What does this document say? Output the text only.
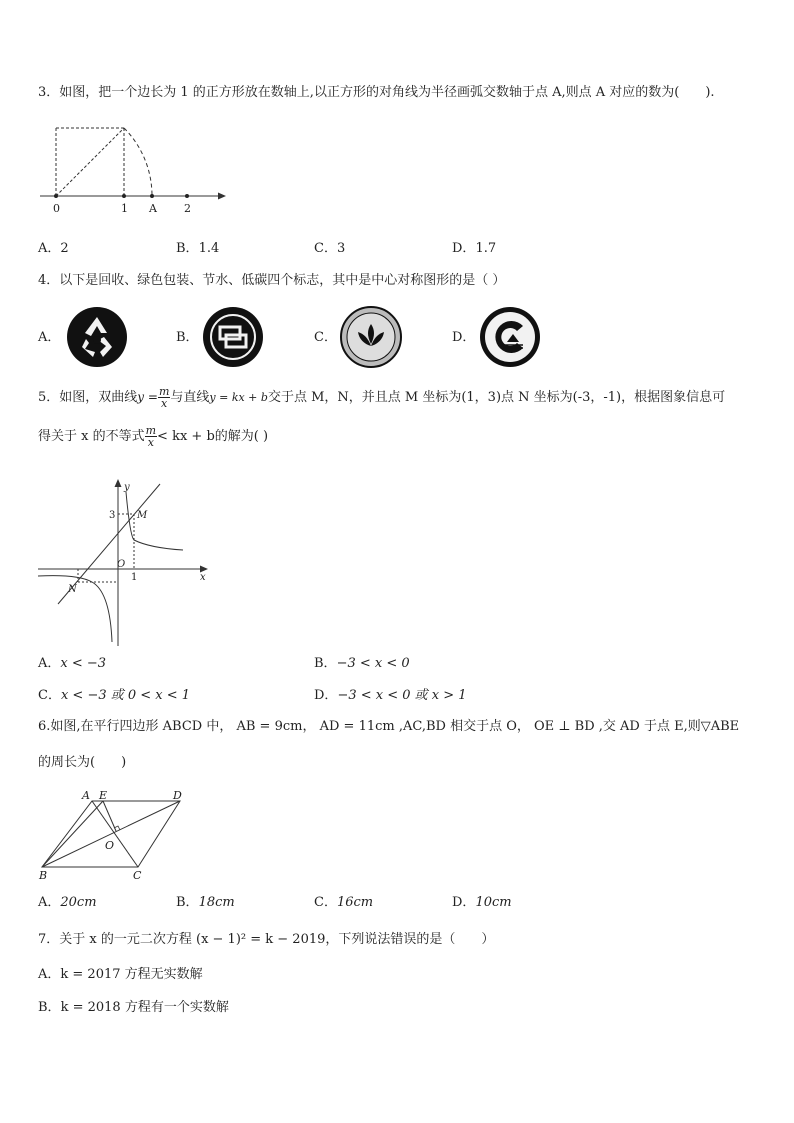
3．如图，把一个边长为 1 的正方形放在数轴上,以正方形的对角线为半径画弧交数轴于点 A,则点 A 对应的数为(　　).
0	1 A 2
A．2	B．1.4	C．3	D．1.7
4．以下是回收、绿色包装、节水、低碳四个标志，其中是中心对称图形的是（ ）
A．	B．	C．	D．
5．如图，双曲线$y = \frac{m}{x}$ 与直线y = kx + b交于点 M，N，并且点 M 坐标为(1，3)点 N 坐标为(-3，-1)，根据图象信息可
得关于 x 的不等式 $\frac{m}{x}$ < kx + b的解为( )
y
x
3 M
O
1
N
A．x < −3	B．−3 < x < 0
C．x < −3 或 0 < x < 1	D．−3 < x < 0 或 x > 1
6.如图,在平行四边形 ABCD 中， AB = 9cm， AD = 11cm ,AC,BD 相交于点 O， OE ⊥ BD ,交 AD 于点 E,则▽ABE
的周长为(　　)
A E	D
O
B	C
A．20cm	B．18cm	C．16cm	D．10cm
7．关于 x 的一元二次方程 (x − 1)² = k − 2019，下列说法错误的是（　　）
A．k = 2017 方程无实数解
B．k = 2018 方程有一个实数解
